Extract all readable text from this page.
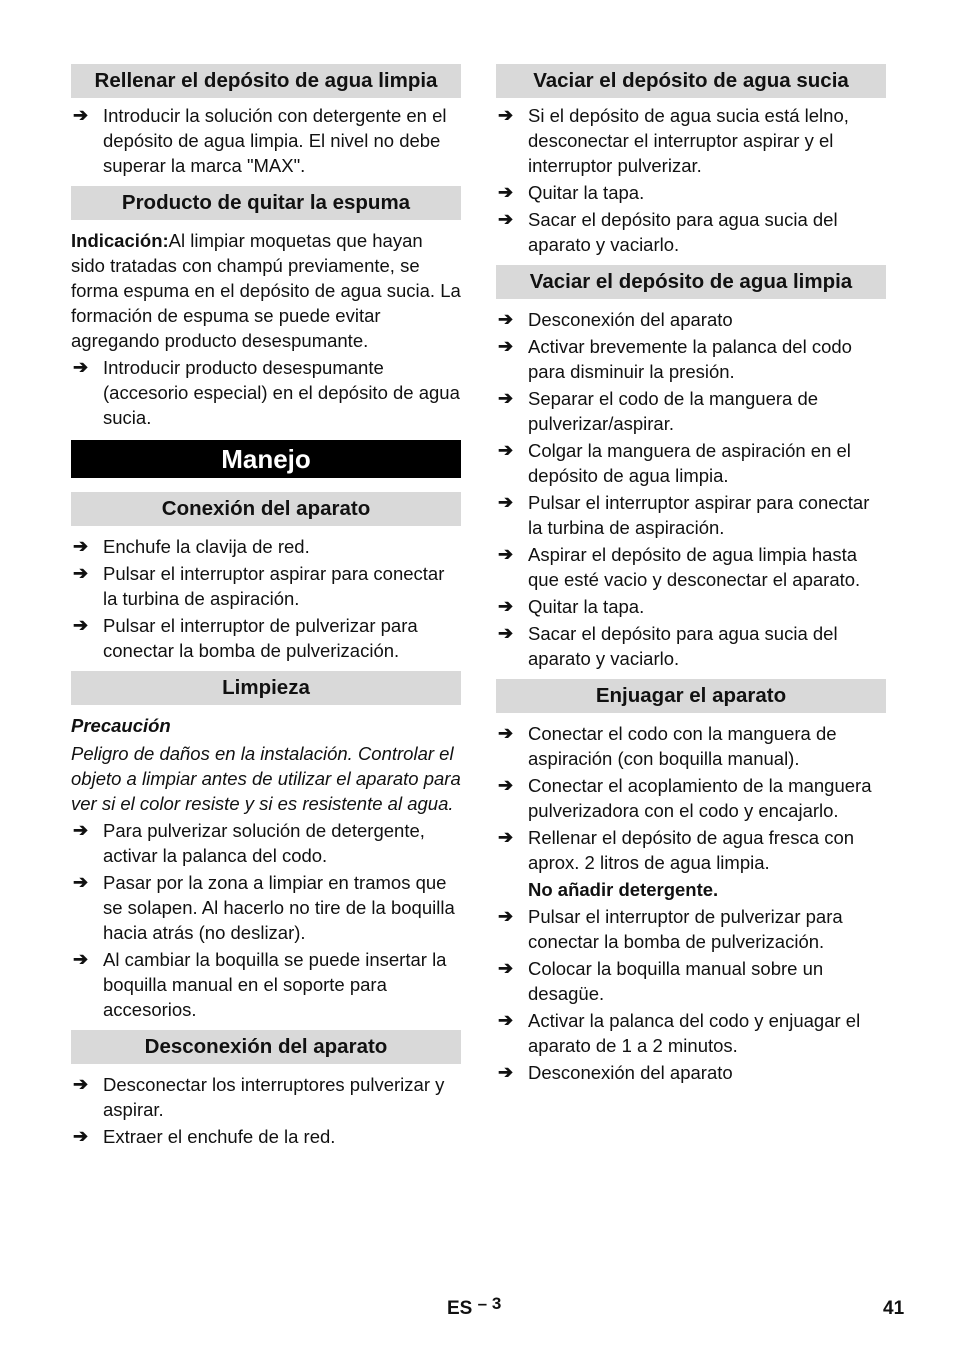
Rellenar el depósito de agua limpia
➔ Introducir la solución con detergente en el depósito de agua limpia. El nivel no debe superar la marca "MAX".
Producto de quitar la espuma
Indicación:Al limpiar moquetas que hayan sido tratadas con champú previamente, se forma espuma en el depósito de agua sucia. La formación de espuma se puede evitar agregando producto desespumante.
➔ Introducir producto desespumante (accesorio especial) en el depósito de agua sucia.
Manejo
Conexión del aparato
➔ Enchufe la clavija de red.
➔ Pulsar el interruptor aspirar para conectar la turbina de aspiración.
➔ Pulsar el interruptor de pulverizar para conectar la bomba de pulverización.
Limpieza
Precaución
Peligro de daños en la instalación. Controlar el objeto a limpiar antes de utilizar el aparato para ver si el color resiste y si es resistente al agua.
➔ Para pulverizar solución de detergente, activar la palanca del codo.
➔ Pasar por la zona a limpiar en tramos que se solapen. Al hacerlo no tire de la boquilla hacia atrás (no deslizar).
➔ Al cambiar la boquilla se puede insertar la boquilla manual en el soporte para accesorios.
Desconexión del aparato
➔ Desconectar los interruptores pulverizar y aspirar.
➔ Extraer el enchufe de la red.
Vaciar el depósito de agua sucia
➔ Si el depósito de agua sucia está lelno, desconectar el interruptor aspirar y el interruptor pulverizar.
➔ Quitar la tapa.
➔ Sacar el depósito para agua sucia del aparato y vaciarlo.
Vaciar el depósito de agua limpia
➔ Desconexión del aparato
➔ Activar brevemente la palanca del codo para disminuir la presión.
➔ Separar el codo de la manguera de pulverizar/aspirar.
➔ Colgar la manguera de aspiración en el depósito de agua limpia.
➔ Pulsar el interruptor aspirar para conectar la turbina de aspiración.
➔ Aspirar el depósito de agua limpia hasta que esté vacio y desconectar el aparato.
➔ Quitar la tapa.
➔ Sacar el depósito para agua sucia del aparato y vaciarlo.
Enjuagar el aparato
➔ Conectar el codo con la manguera de aspiración (con boquilla manual).
➔ Conectar el acoplamiento de la manguera pulverizadora con el codo y encajarlo.
➔ Rellenar el depósito de agua fresca con aprox. 2 litros de agua limpia.
No añadir detergente.
➔ Pulsar el interruptor de pulverizar para conectar la bomba de pulverización.
➔ Colocar la boquilla manual sobre un desagüe.
➔ Activar la palanca del codo y enjuagar el aparato de 1 a 2 minutos.
➔ Desconexión del aparato
ES – 3	41
